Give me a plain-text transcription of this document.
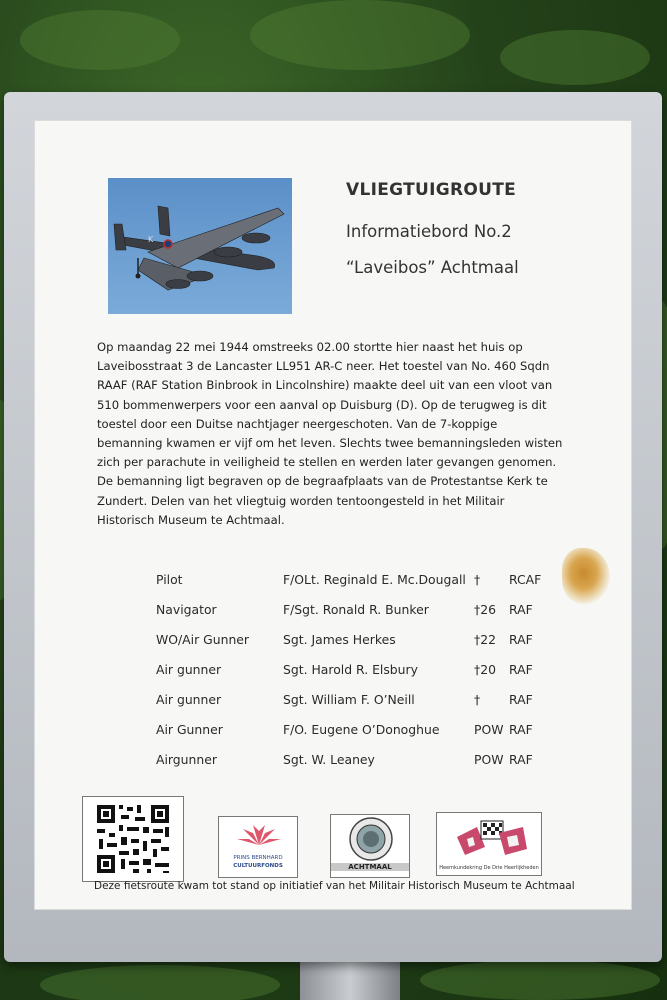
K
VLIEGTUIGROUTE
Informatiebord No.2
“Laveibos” Achtmaal
Op maandag 22 mei 1944 omstreeks 02.00 stortte hier naast het huis op
Laveibosstraat 3 de Lancaster LL951 AR-C neer. Het toestel van No. 460 Sqdn
RAAF (RAF Station Binbrook in Lincolnshire) maakte deel uit van een vloot van
510 bommenwerpers voor een aanval op Duisburg (D). Op de terugweg is dit
toestel door een Duitse nachtjager neergeschoten. Van de 7-koppige
bemanning kwamen er vijf om het leven. Slechts twee bemanningsleden wisten
zich per parachute in veiligheid te stellen en werden later gevangen genomen.
De bemanning ligt begraven op de begraafplaats van de Protestantse Kerk te
Zundert. Delen van het vliegtuig worden tentoongesteld in het Militair
Historisch Museum te Achtmaal.
Pilot	F/OLt. Reginald E. Mc.Dougall † RCAF
Navigator	F/Sgt. Ronald R. Bunker	†26 RAF
WO/Air Gunner	Sgt. James Herkes	†22 RAF
Air gunner	Sgt. Harold R. Elsbury	†20 RAF
Air gunner	Sgt. William F. O’Neill	† RAF
Air Gunner	F/O. Eugene O’Donoghue	POW RAF
Airgunner	Sgt. W. Leaney	POW RAF
PRINS BERNHARD
CULTUURFONDS	ACHTMAAL	Heemkundekring De Drie Heerlijkheden
Deze fietsroute kwam tot stand op initiatief van het Militair Historisch Museum te Achtmaal
